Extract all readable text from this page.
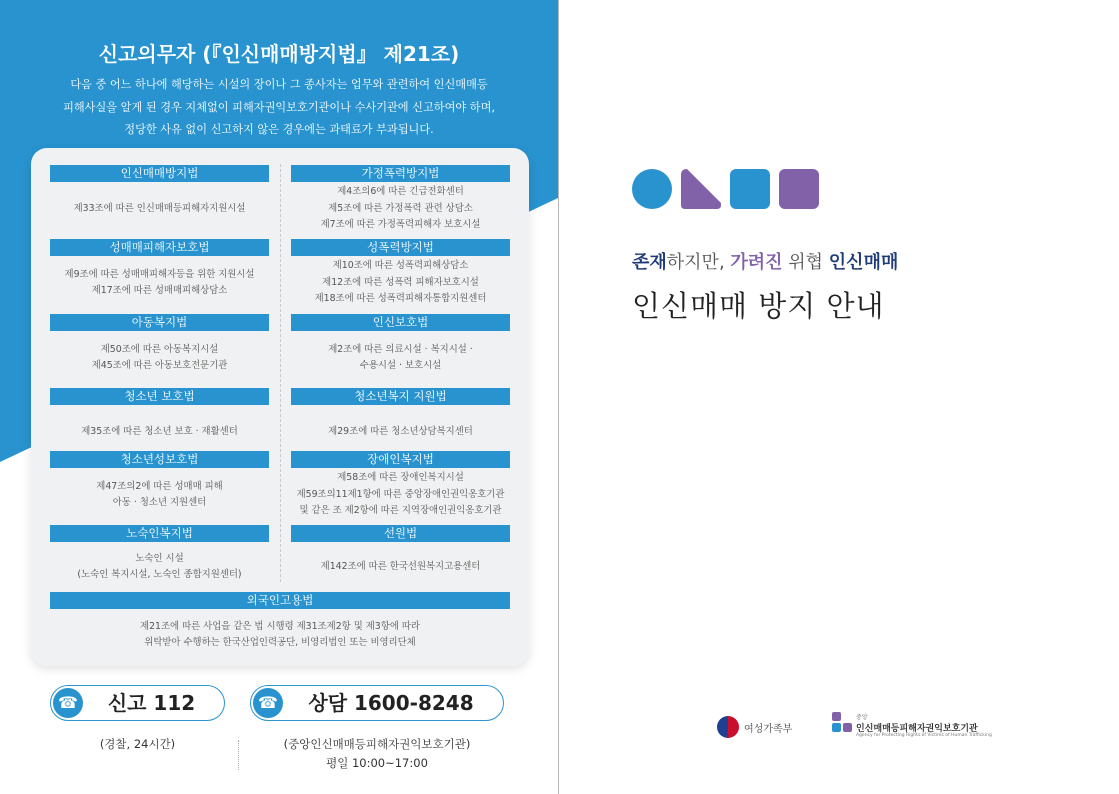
신고의무자 (『인신매매방지법』 제21조)

다음 중 어느 하나에 해당하는 시설의 장이나 그 종사자는 업무와 관련하여 인신매매등
피해사실을 알게 된 경우 지체없이 피해자권익보호기관이나 수사기관에 신고하여야 하며,
정당한 사유 없이 신고하지 않은 경우에는 과태료가 부과됩니다.

인신매매방지법
제33조에 따른 인신매매등피해자지원시설
가정폭력방지법
제4조의6에 따른 긴급전화센터
제5조에 따른 가정폭력 관련 상담소
제7조에 따른 가정폭력피해자 보호시설
성매매피해자보호법
제9조에 따른 성매매피해자등을 위한 지원시설
제17조에 따른 성매매피해상담소
성폭력방지법
제10조에 따른 성폭력피해상담소
제12조에 따른 성폭력 피해자보호시설
제18조에 따른 성폭력피해자통합지원센터
아동복지법
제50조에 따른 아동복지시설
제45조에 따른 아동보호전문기관
인신보호법
제2조에 따른 의료시설 · 복지시설 ·
수용시설 · 보호시설
청소년 보호법
제35조에 따른 청소년 보호 · 재활센터
청소년복지 지원법
제29조에 따른 청소년상담복지센터
청소년성보호법
제47조의2에 따른 성매매 피해
아동 · 청소년 지원센터
장애인복지법
제58조에 따른 장애인복지시설
제59조의11제1항에 따른 중앙장애인권익옹호기관
및 같은 조 제2항에 따른 지역장애인권익옹호기관
노숙인복지법
노숙인 시설
(노숙인 복지시설, 노숙인 종합지원센터)
선원법
제142조에 따른 한국선원복지고용센터
외국인고용법
제21조에 따른 사업을 같은 법 시행령 제31조제2항 및 제3항에 따라
위탁받아 수행하는 한국산업인력공단, 비영리법인 또는 비영리단체
☎	신고 112
(경찰, 24시간)
☎	상담 1600-8248
(중앙인신매매등피해자권익보호기관)
평일 10:00~17:00
존재하지만, 가려진 위협 인신매매
인신매매 방지 안내
여성가족부
중앙
인신매매등피해자권익보호기관
Agency for Protecting Rights of Victims of Human Trafficking
